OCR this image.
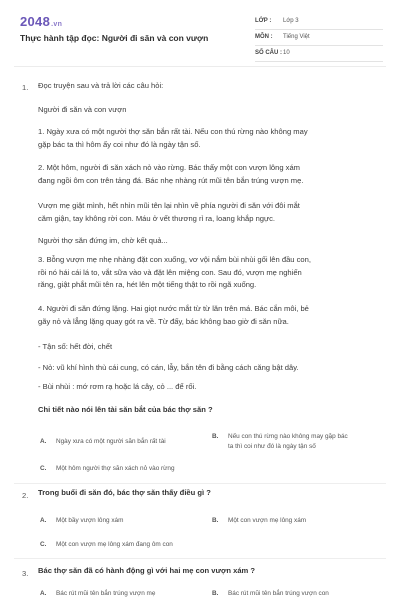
2048.vn
Thực hành tập đọc: Người đi săn và con vượn
LỚP : Lớp 3
MÔN : Tiếng Việt
SỐ CÂU : 10
1. Đọc truyện sau và trả lời các câu hỏi:
Người đi săn và con vượn
1. Ngày xưa có một người thợ săn bắn rất tài. Nếu con thú rừng nào không may
gặp bác ta thì hôm ấy coi như đó là ngày tận số.
2. Một hôm, người đi săn xách nỏ vào rừng. Bác thấy một con vượn lông xám
đang ngồi ôm con trên tảng đá. Bác nhẹ nhàng rút mũi tên bắn trúng vượn mẹ.
Vượn mẹ giật mình, hết nhìn mũi tên lại nhìn về phía người đi săn với đôi mắt
căm giận, tay không rời con. Máu ở vết thương rỉ ra, loang khắp ngực.
Người thợ săn đứng im, chờ kết quả...
3. Bỗng vượn mẹ nhẹ nhàng đặt con xuống, vơ vội nắm bùi nhùi gối lên đầu con,
rồi nó hái cái lá to, vắt sữa vào và đặt lên miệng con. Sau đó, vượn mẹ nghiến
răng, giật phắt mũi tên ra, hét lên một tiếng thật to rồi ngã xuống.
4. Người đi săn đứng lặng. Hai giọt nước mắt từ từ lăn trên má. Bác cắn môi, bẻ
gãy nỏ và lẳng lặng quay gót ra về. Từ đấy, bác không bao giờ đi săn nữa.
- Tận số: hết đời, chết
- Nỏ: vũ khí hình thù cái cung, có cán, lẫy, bắn tên đi bằng cách căng bật dây.
- Bùi nhùi : mớ rơm rạ hoặc lá cây, cỏ ... để rối.
Chi tiết nào nói lên tài săn bắt của bác thợ săn ?
A. Ngày xưa có một người săn bắn rất tài
B. Nếu con thú rừng nào không may gặp bác
ta thì coi như đó là ngày tận số
C. Một hôm người thợ săn xách nỏ vào rừng
2. Trong buổi đi săn đó, bác thợ săn thấy điều gì ?
A. Một bầy vượn lông xám	B. Một con vượn mẹ lông xám
C. Một con vượn mẹ lông xám đang ôm con
3. Bác thợ săn đã có hành động gì với hai mẹ con vượn xám ?
A. Bác rút mũi tên bắn trúng vượn mẹ	B. Bác rút mũi tên bắn trúng vượn con
